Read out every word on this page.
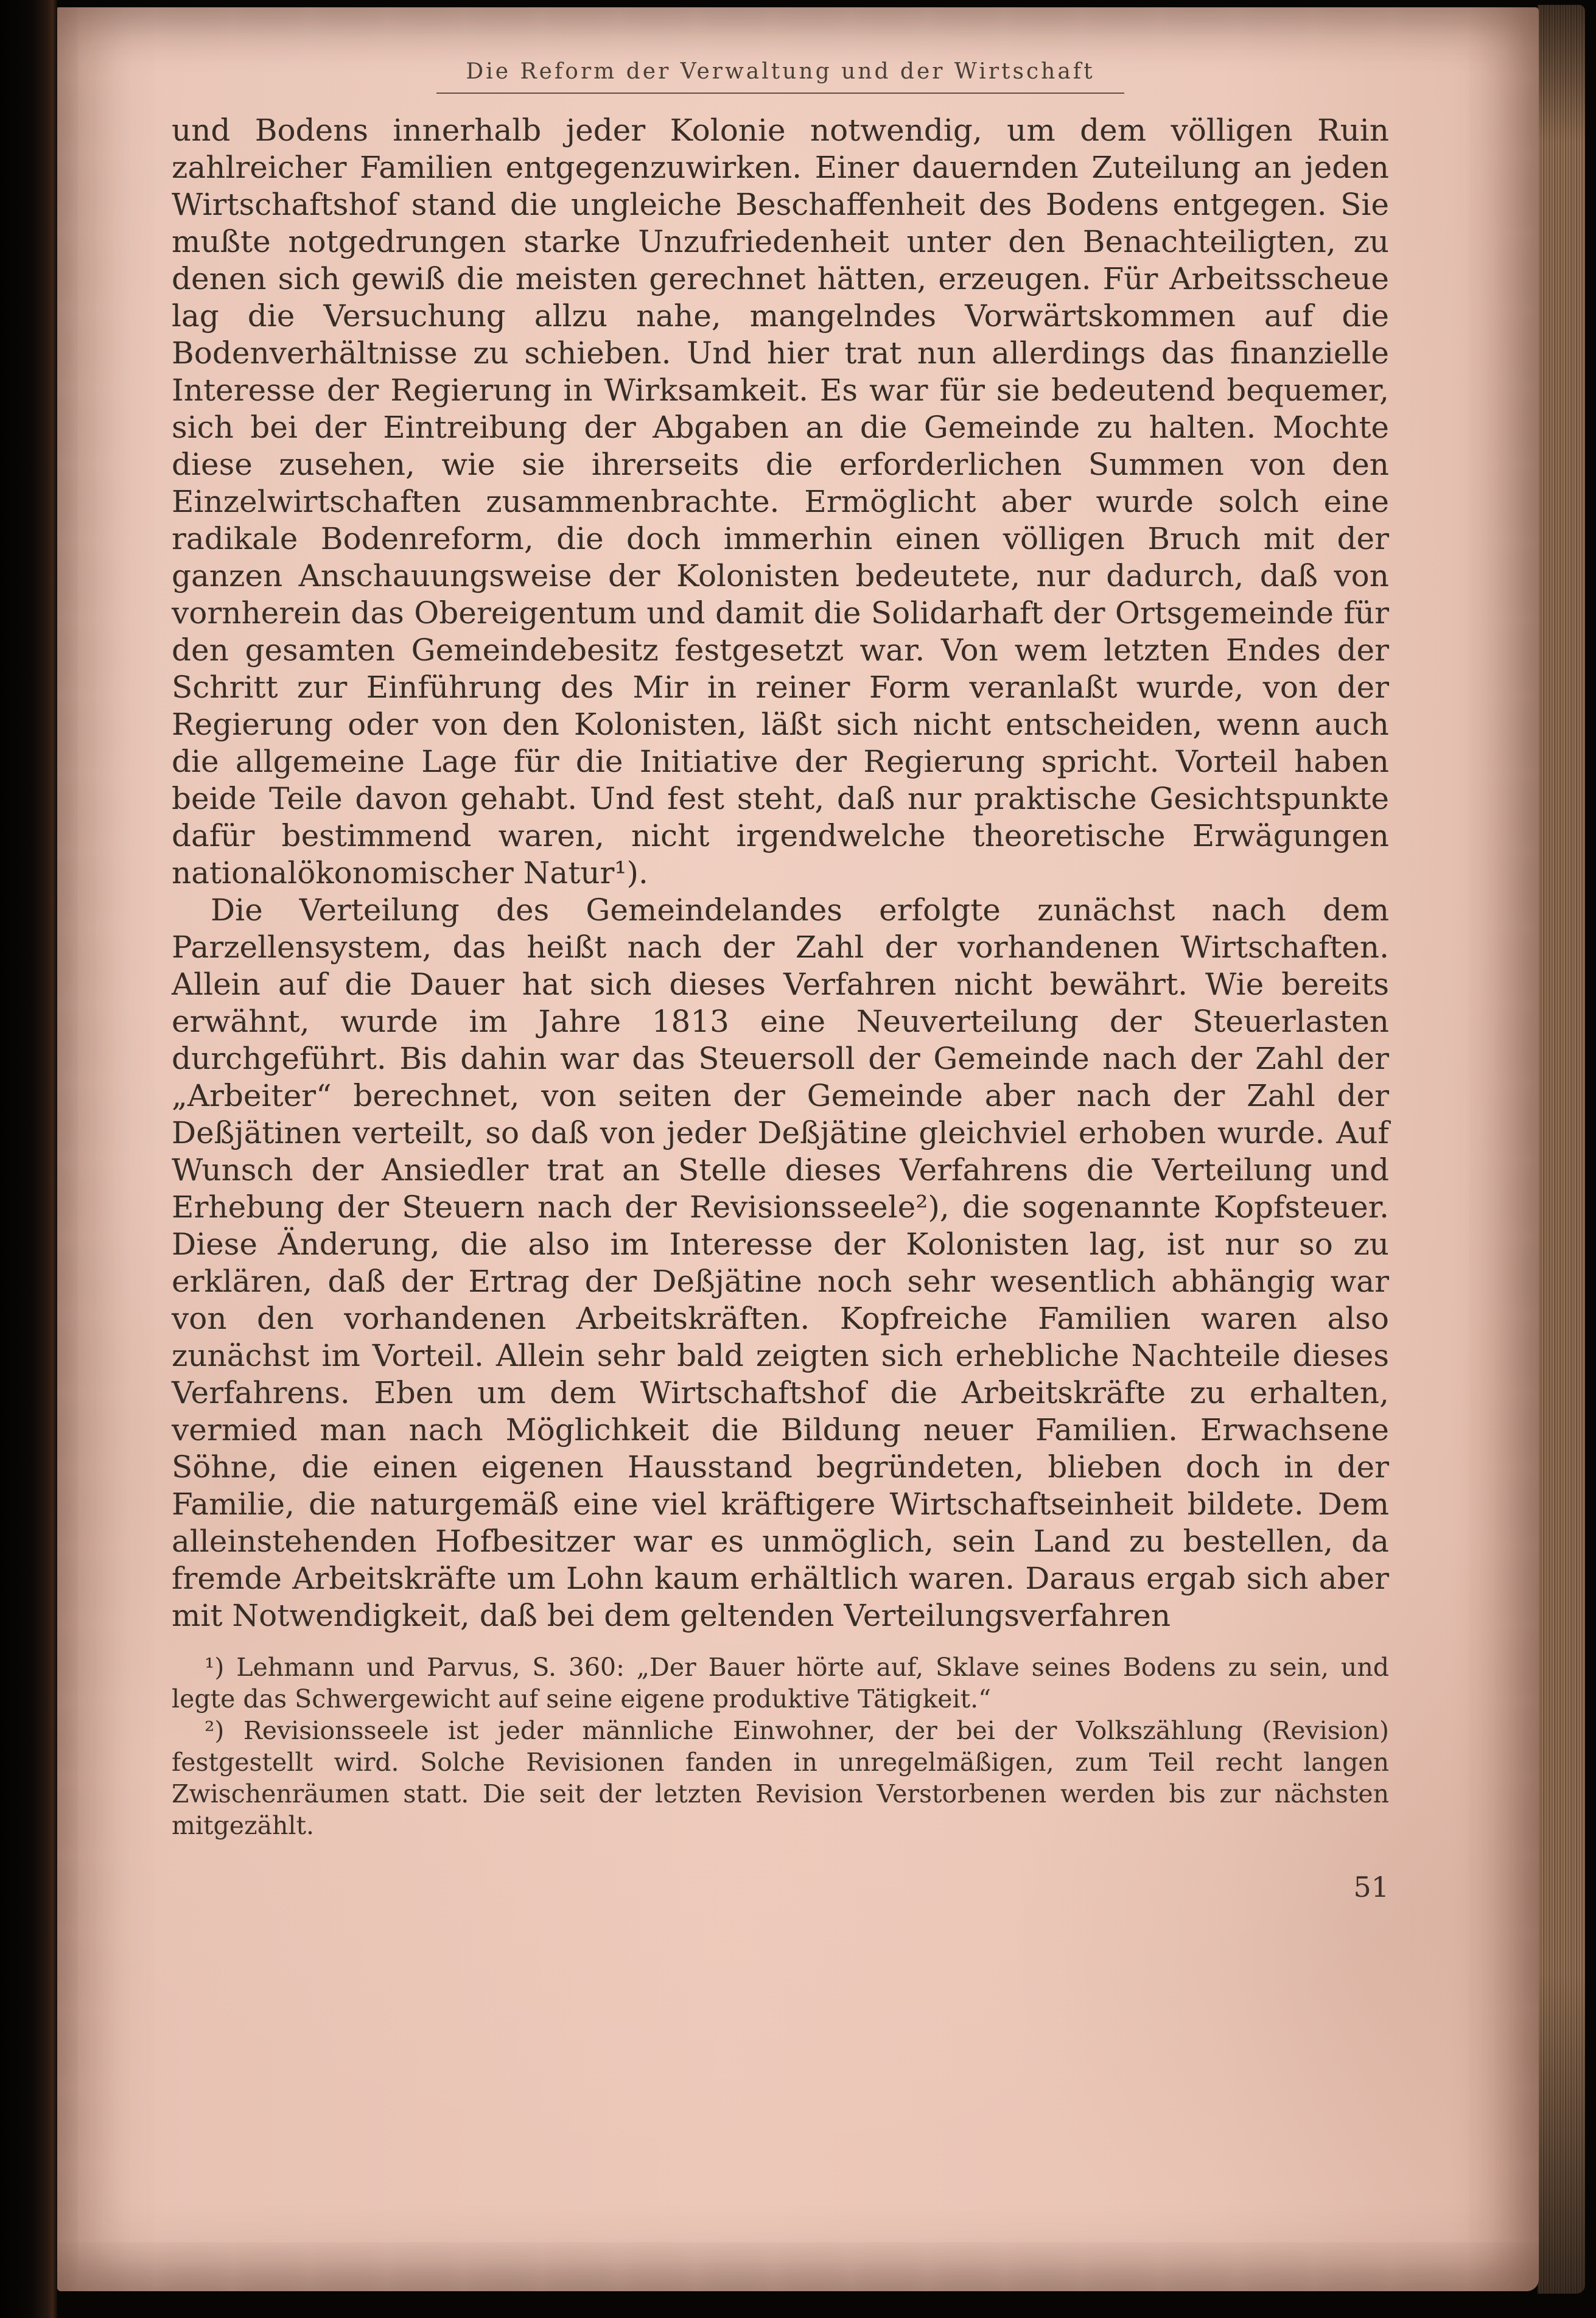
Die Reform der Verwaltung und der Wirtschaft

und Bodens innerhalb jeder Kolonie notwendig, um dem völligen Ruin zahlreicher Familien entgegenzuwirken. Einer dauernden Zuteilung an jeden Wirtschaftshof stand die ungleiche Beschaffenheit des Bodens entgegen. Sie mußte notgedrungen starke Unzufriedenheit unter den Benachteiligten, zu denen sich gewiß die meisten gerechnet hätten, erzeugen. Für Arbeitsscheue lag die Versuchung allzu nahe, mangelndes Vorwärtskommen auf die Bodenverhältnisse zu schieben. Und hier trat nun allerdings das finanzielle Interesse der Regierung in Wirksamkeit. Es war für sie bedeutend bequemer, sich bei der Eintreibung der Abgaben an die Gemeinde zu halten. Mochte diese zusehen, wie sie ihrerseits die erforderlichen Summen von den Einzelwirtschaften zusammenbrachte. Ermöglicht aber wurde solch eine radikale Bodenreform, die doch immerhin einen völligen Bruch mit der ganzen Anschauungsweise der Kolonisten bedeutete, nur dadurch, daß von vornherein das Obereigentum und damit die Solidarhaft der Ortsgemeinde für den gesamten Gemeindebesitz festgesetzt war. Von wem letzten Endes der Schritt zur Einführung des Mir in reiner Form veranlaßt wurde, von der Regierung oder von den Kolonisten, läßt sich nicht entscheiden, wenn auch die allgemeine Lage für die Initiative der Regierung spricht. Vorteil haben beide Teile davon gehabt. Und fest steht, daß nur praktische Gesichtspunkte dafür bestimmend waren, nicht irgendwelche theoretische Erwägungen nationalökonomischer Natur¹).

Die Verteilung des Gemeindelandes erfolgte zunächst nach dem Parzellensystem, das heißt nach der Zahl der vorhandenen Wirtschaften. Allein auf die Dauer hat sich dieses Verfahren nicht bewährt. Wie bereits erwähnt, wurde im Jahre 1813 eine Neuverteilung der Steuerlasten durchgeführt. Bis dahin war das Steuersoll der Gemeinde nach der Zahl der „Arbeiter“ berechnet, von seiten der Gemeinde aber nach der Zahl der Deßjätinen verteilt, so daß von jeder Deßjätine gleichviel erhoben wurde. Auf Wunsch der Ansiedler trat an Stelle dieses Verfahrens die Verteilung und Erhebung der Steuern nach der Revisionsseele²), die sogenannte Kopfsteuer. Diese Änderung, die also im Interesse der Kolonisten lag, ist nur so zu erklären, daß der Ertrag der Deßjätine noch sehr wesentlich abhängig war von den vorhandenen Arbeitskräften. Kopfreiche Familien waren also zunächst im Vorteil. Allein sehr bald zeigten sich erhebliche Nachteile dieses Verfahrens. Eben um dem Wirtschaftshof die Arbeitskräfte zu erhalten, vermied man nach Möglichkeit die Bildung neuer Familien. Erwachsene Söhne, die einen eigenen Hausstand begründeten, blieben doch in der Familie, die naturgemäß eine viel kräftigere Wirtschaftseinheit bildete. Dem alleinstehenden Hofbesitzer war es unmöglich, sein Land zu bestellen, da fremde Arbeitskräfte um Lohn kaum erhältlich waren. Daraus ergab sich aber mit Notwendigkeit, daß bei dem geltenden Verteilungsverfahren

¹) Lehmann und Parvus, S. 360: „Der Bauer hörte auf, Sklave seines Bodens zu sein, und legte das Schwergewicht auf seine eigene produktive Tätigkeit.“

²) Revisionsseele ist jeder männliche Einwohner, der bei der Volkszählung (Revision) festgestellt wird. Solche Revisionen fanden in unregelmäßigen, zum Teil recht langen Zwischenräumen statt. Die seit der letzten Revision Verstorbenen werden bis zur nächsten mitgezählt.

51
